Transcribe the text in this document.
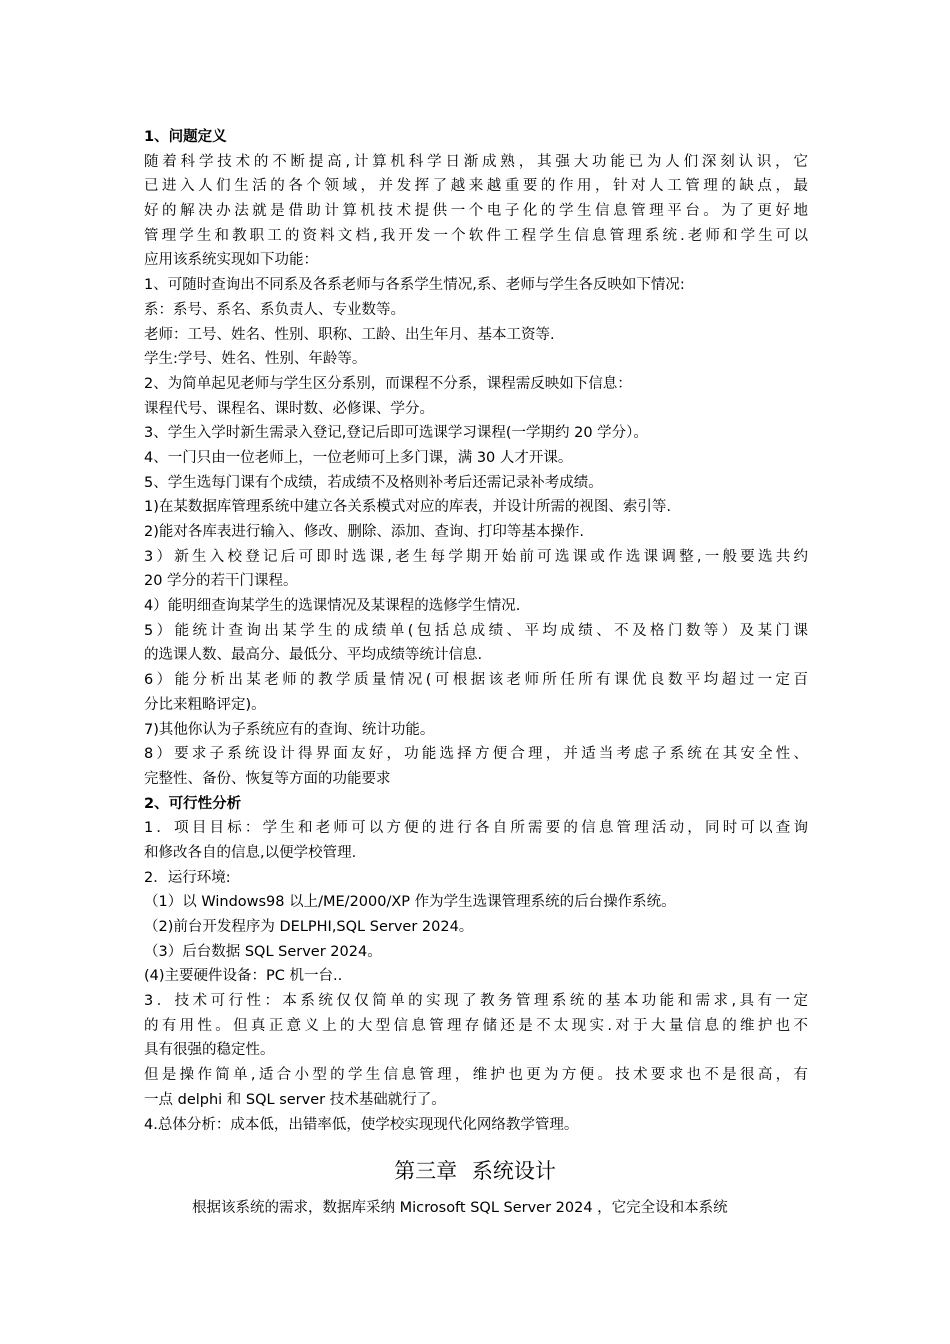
1、问题定义

随着科学技术的不断提高,计算机科学日渐成熟，其强大功能已为人们深刻认识，它

已进入人们生活的各个领域，并发挥了越来越重要的作用，针对人工管理的缺点，最

好的解决办法就是借助计算机技术提供一个电子化的学生信息管理平台。为了更好地

管理学生和教职工的资料文档,我开发一个软件工程学生信息管理系统.老师和学生可以

应用该系统实现如下功能：

1、可随时查询出不同系及各系老师与各系学生情况,系、老师与学生各反映如下情况:

系：系号、系名、系负责人、专业数等。

老师：工号、姓名、性别、职称、工龄、出生年月、基本工资等.

学生:学号、姓名、性别、年龄等。

2、为简单起见老师与学生区分系别，而课程不分系，课程需反映如下信息：

课程代号、课程名、课时数、必修课、学分。

3、学生入学时新生需录入登记,登记后即可选课学习课程(一学期约 20 学分）。

4、一门只由一位老师上，一位老师可上多门课，满 30 人才开课。

5、学生选每门课有个成绩，若成绩不及格则补考后还需记录补考成绩。

1)在某数据库管理系统中建立各关系模式对应的库表，并设计所需的视图、索引等.

2)能对各库表进行输入、修改、删除、添加、查询、打印等基本操作.

3）新生入校登记后可即时选课,老生每学期开始前可选课或作选课调整,一般要选共约

20 学分的若干门课程。

4）能明细查询某学生的选课情况及某课程的选修学生情况.

5）能统计查询出某学生的成绩单(包括总成绩、平均成绩、不及格门数等）及某门课

的选课人数、最高分、最低分、平均成绩等统计信息.

6）能分析出某老师的教学质量情况(可根据该老师所任所有课优良数平均超过一定百

分比来粗略评定)。

7)其他你认为子系统应有的查询、统计功能。

8）要求子系统设计得界面友好，功能选择方便合理，并适当考虑子系统在其安全性、

完整性、备份、恢复等方面的功能要求

2、可行性分析

1．项目目标：学生和老师可以方便的进行各自所需要的信息管理活动，同时可以查询

和修改各自的信息,以便学校管理.

2．运行环境:

（1）以 Windows98 以上/ME/2000/XP 作为学生选课管理系统的后台操作系统。

（2)前台开发程序为 DELPHI,SQL Server 2024。

（3）后台数据 SQL Server 2024。

(4)主要硬件设备：PC 机一台..

3．技术可行性：本系统仅仅简单的实现了教务管理系统的基本功能和需求,具有一定

的有用性。但真正意义上的大型信息管理存储还是不太现实.对于大量信息的维护也不

具有很强的稳定性。

但是操作简单,适合小型的学生信息管理，维护也更为方便。技术要求也不是很高，有

一点 delphi 和 SQL server 技术基础就行了。

4.总体分析：成本低，出错率低，使学校实现现代化网络教学管理。

第三章 系统设计

根据该系统的需求，数据库采纳 Microsoft SQL Server 2024 ，它完全设和本系统
